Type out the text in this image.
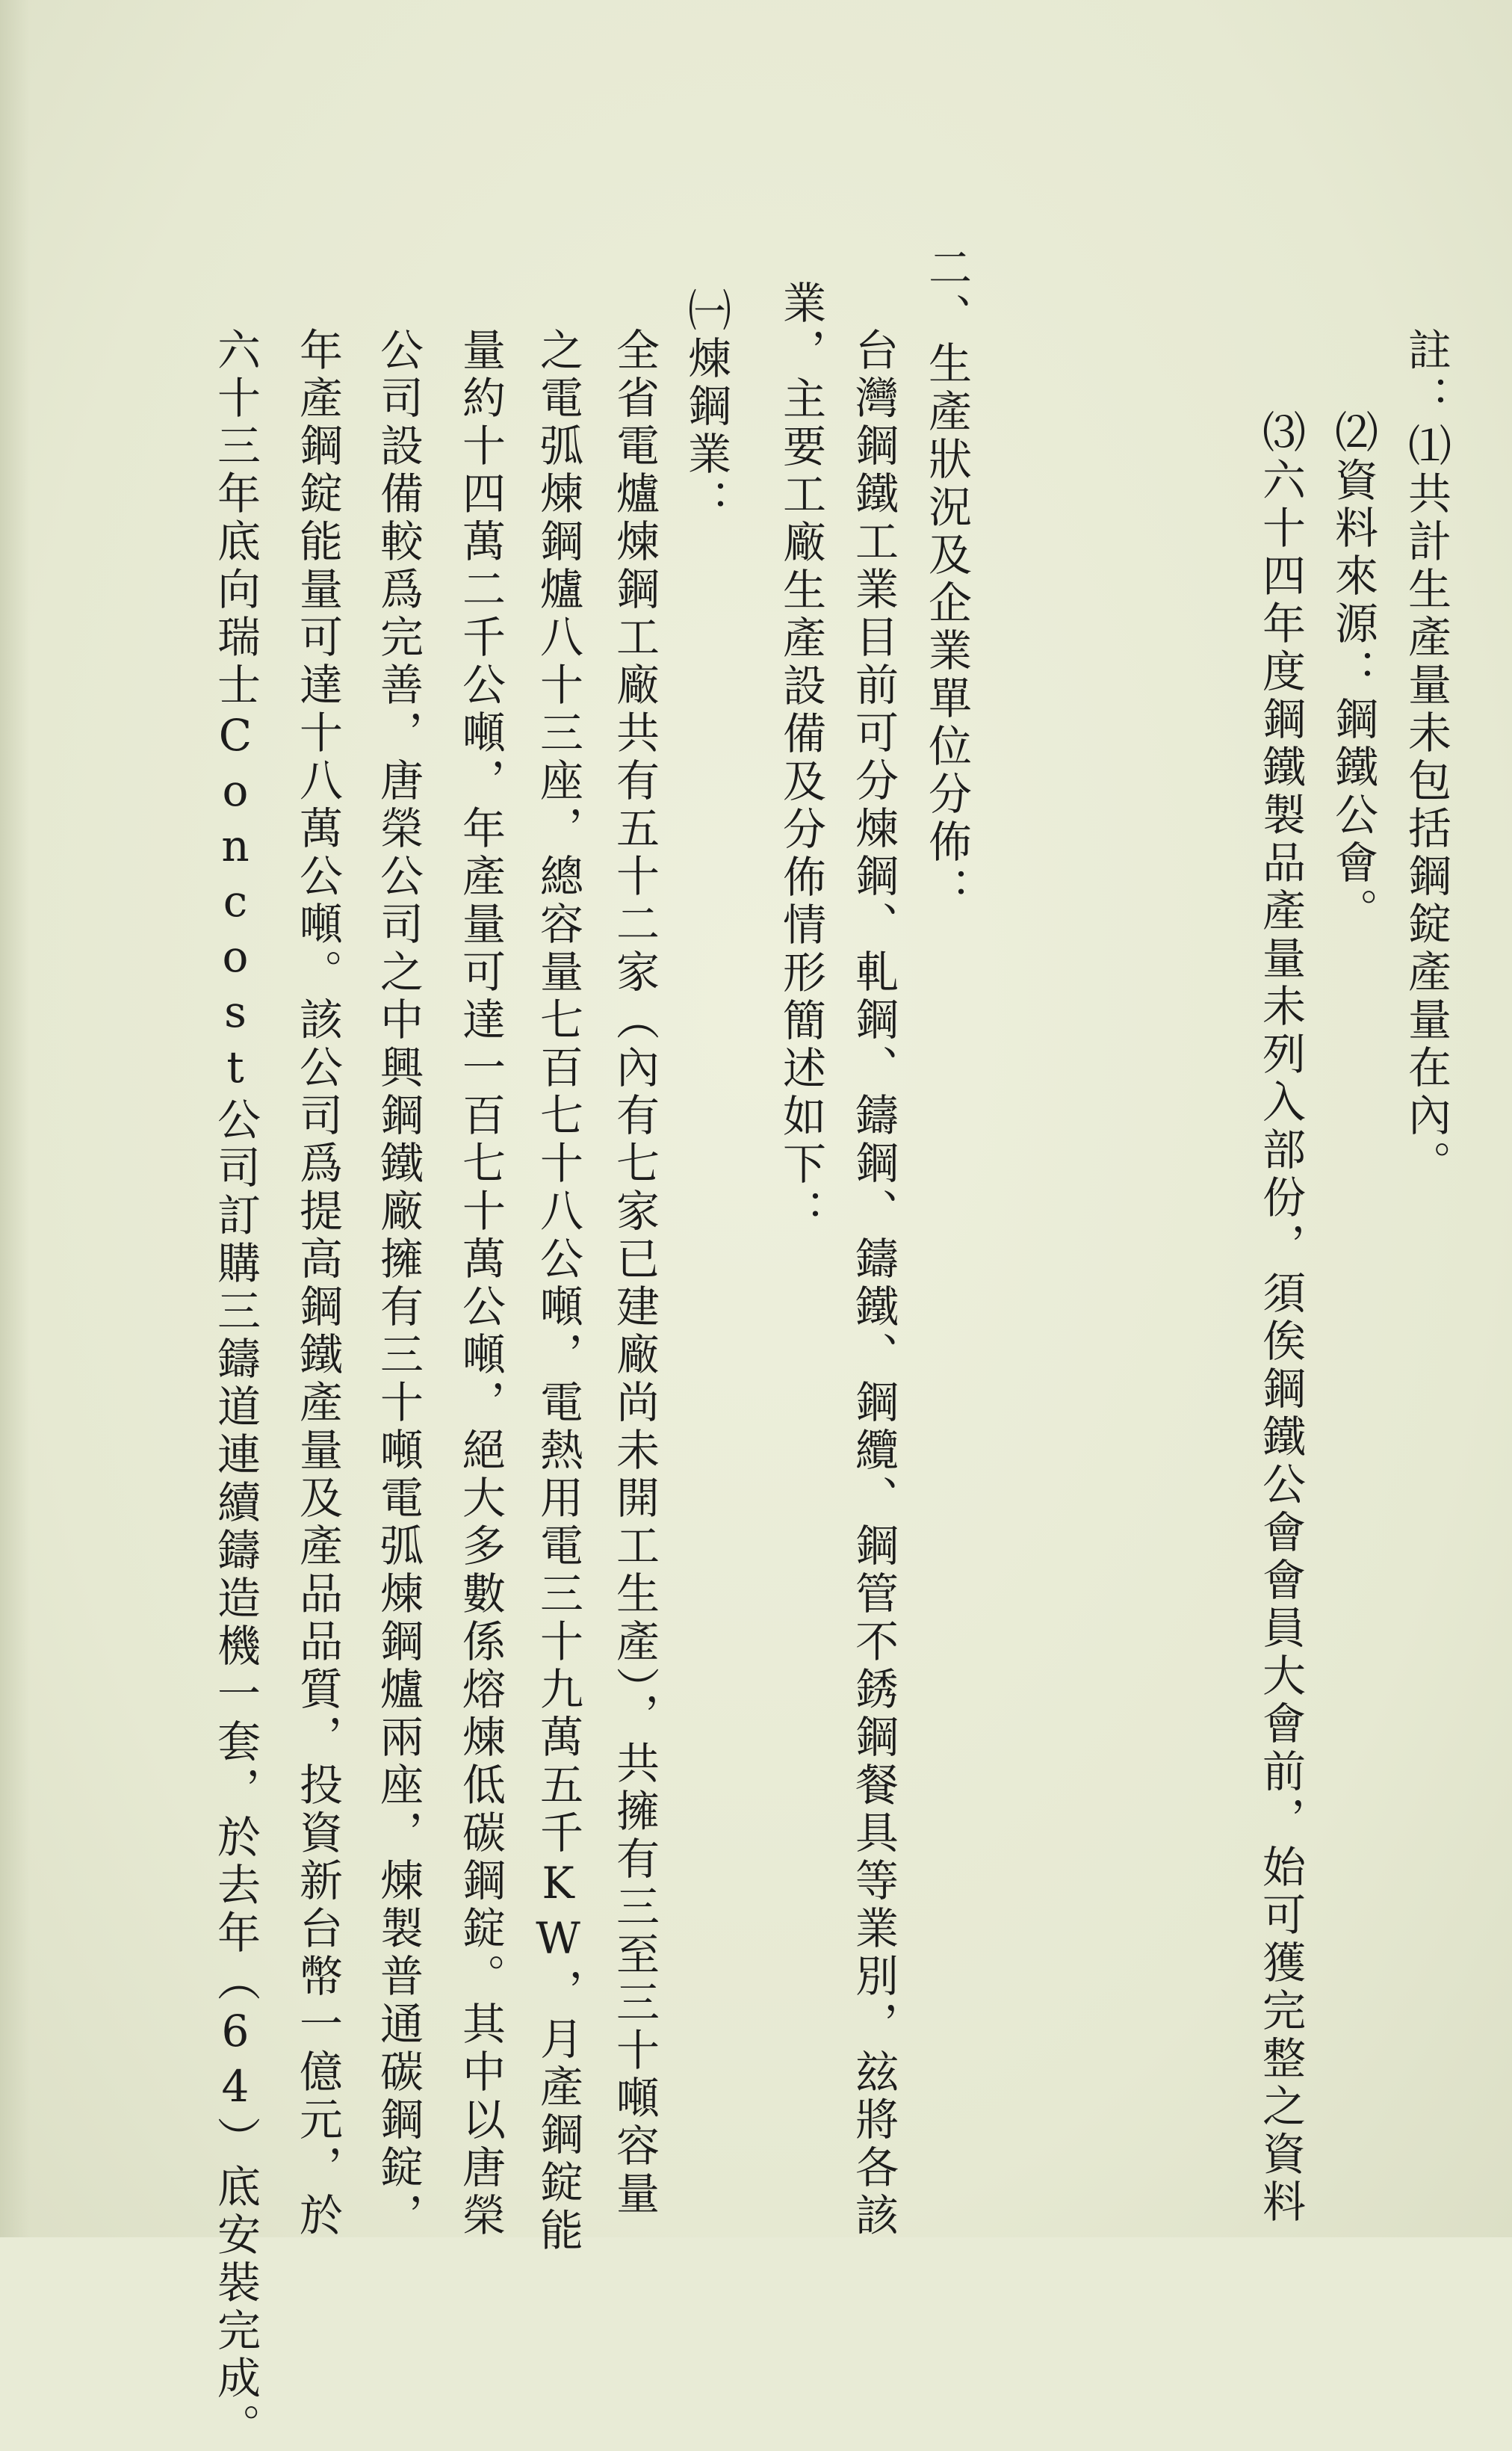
註：⑴共計生產量未包括鋼錠產量在內。
⑵資料來源：鋼鐵公會。
⑶六十四年度鋼鐵製品產量未列入部份，須俟鋼鐵公會會員大會前，始可獲完整之資料
二、生產狀況及企業單位分佈：
台灣鋼鐵工業目前可分煉鋼、軋鋼、鑄鋼、鑄鐵、鋼纜、鋼管不銹鋼餐具等業別，玆將各該
業，主要工廠生產設備及分佈情形簡述如下：
㈠煉鋼業：
全省電爐煉鋼工廠共有五十二家（內有七家已建廠尚未開工生產），共擁有三至三十噸容量
之電弧煉鋼爐八十三座，總容量七百七十八公噸，電熱用電三十九萬五千KW，月產鋼錠能
量約十四萬二千公噸，年產量可達一百七十萬公噸，絕大多數係熔煉低碳鋼錠。其中以唐榮
公司設備較爲完善，唐榮公司之中興鋼鐵廠擁有三十噸電弧煉鋼爐兩座，煉製普通碳鋼錠，
年產鋼錠能量可達十八萬公噸。該公司爲提高鋼鐵產量及產品品質，投資新台幣一億元，於
六十三年底向瑞士Concost公司訂購三鑄道連續鑄造機一套，於去年（64）底安裝完成。
